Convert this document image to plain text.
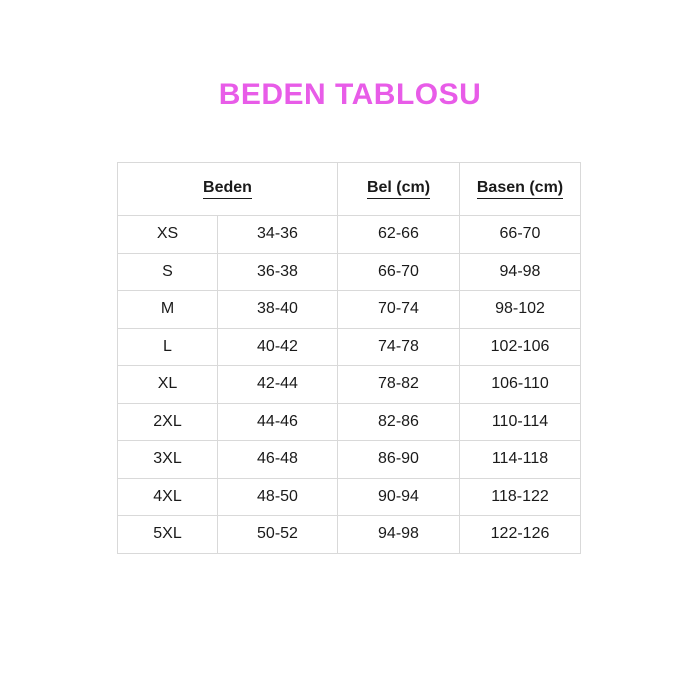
BEDEN TABLOSU
Beden		Bel (cm)	Basen (cm)
XS	34-36	62-66	66-70
S	36-38	66-70	94-98
M	38-40	70-74	98-102
L	40-42	74-78	102-106
XL	42-44	78-82	106-110
2XL	44-46	82-86	110-114
3XL	46-48	86-90	114-118
4XL	48-50	90-94	118-122
5XL	50-52	94-98	122-126
